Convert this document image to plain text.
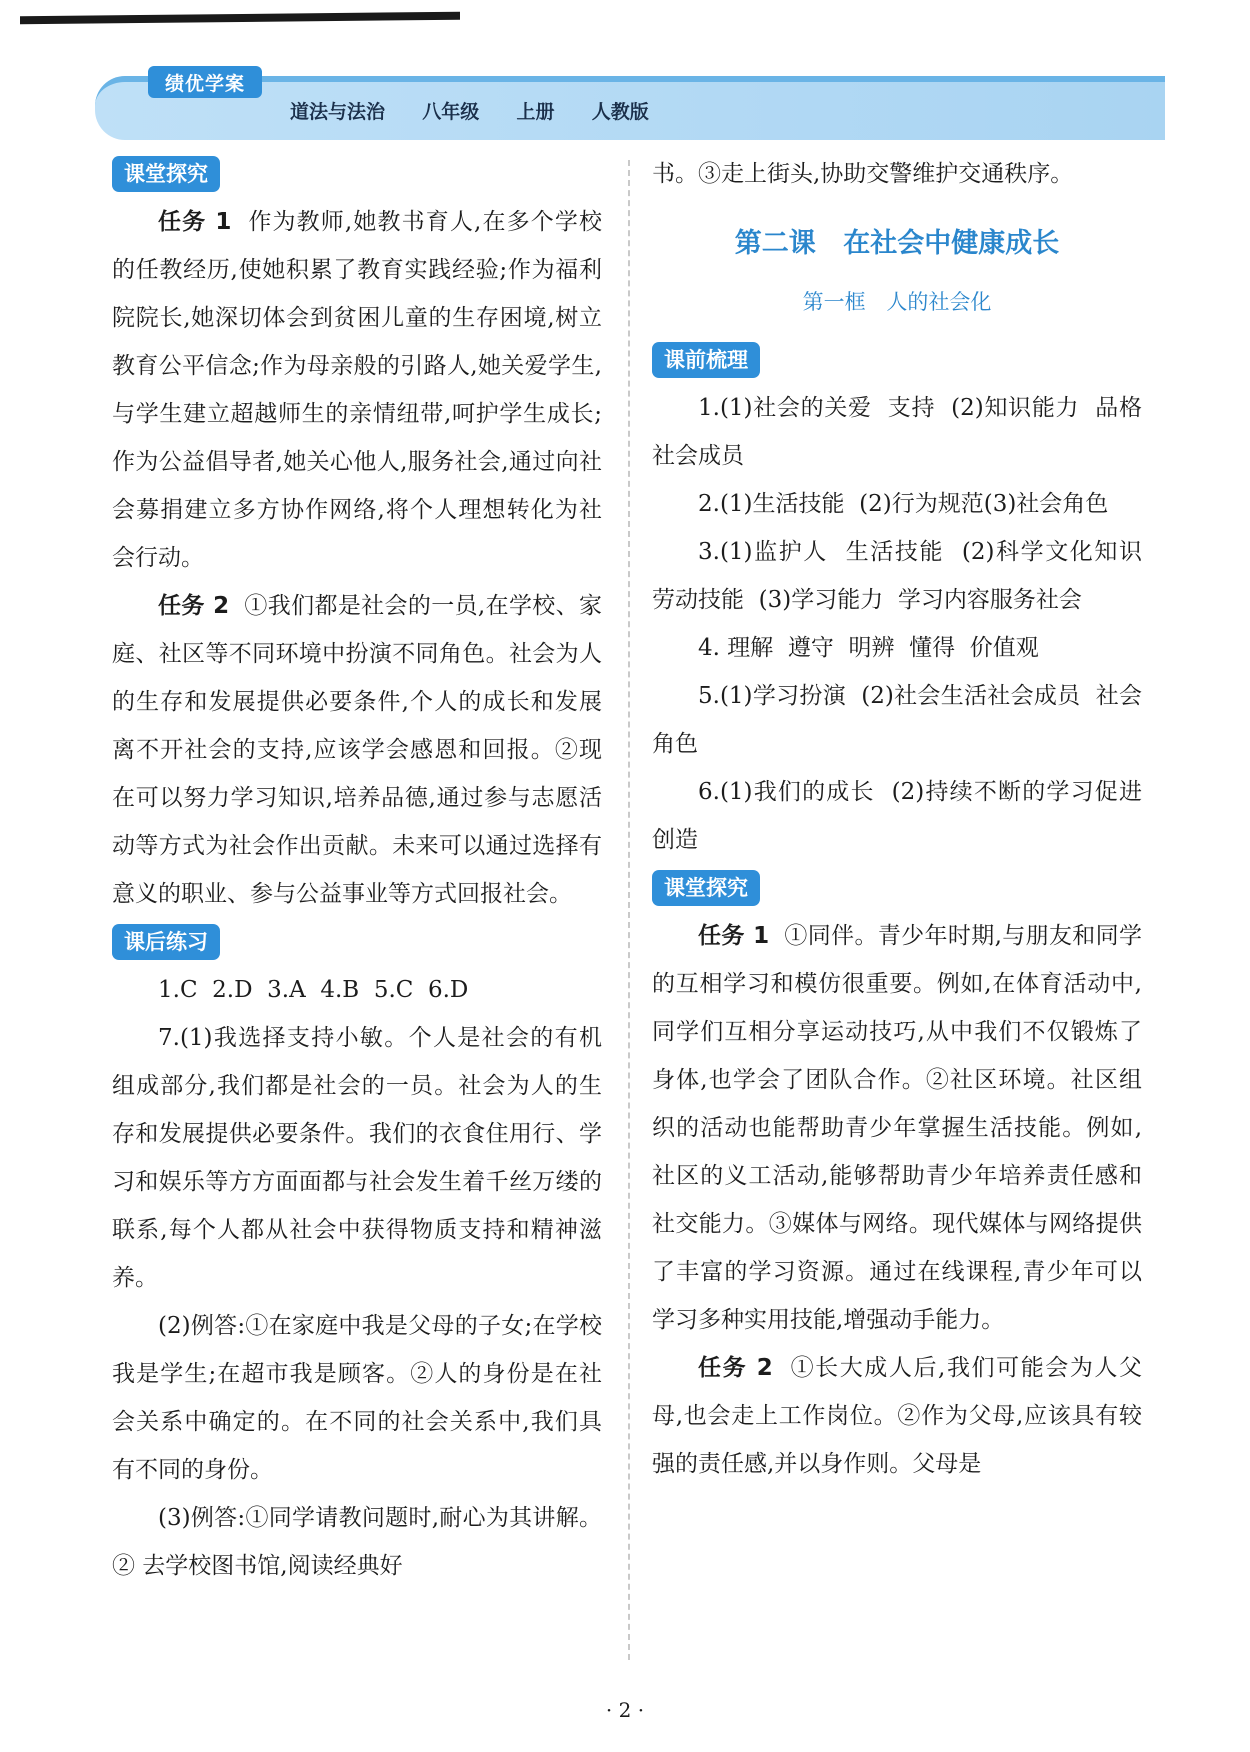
绩优学案
道法与法治  八年级  上册  人教版
课堂探究

任务 1 作为教师,她教书育人,在多个学校的任教经历,使她积累了教育实践经验;作为福利院院长,她深切体会到贫困儿童的生存困境,树立教育公平信念;作为母亲般的引路人,她关爱学生,与学生建立超越师生的亲情纽带,呵护学生成长;作为公益倡导者,她关心他人,服务社会,通过向社会募捐建立多方协作网络,将个人理想转化为社会行动。

任务 2 ①我们都是社会的一员,在学校、家庭、社区等不同环境中扮演不同角色。社会为人的生存和发展提供必要条件,个人的成长和发展离不开社会的支持,应该学会感恩和回报。②现在可以努力学习知识,培养品德,通过参与志愿活动等方式为社会作出贡献。未来可以通过选择有意义的职业、参与公益事业等方式回报社会。

课后练习

1.C  2.D  3.A  4.B  5.C  6.D

7.(1)我选择支持小敏。个人是社会的有机组成部分,我们都是社会的一员。社会为人的生存和发展提供必要条件。我们的衣食住用行、学习和娱乐等方方面面都与社会发生着千丝万缕的联系,每个人都从社会中获得物质支持和精神滋养。

(2)例答:①在家庭中我是父母的子女;在学校我是学生;在超市我是顾客。②人的身份是在社会关系中确定的。在不同的社会关系中,我们具有不同的身份。

(3)例答:①同学请教问题时,耐心为其讲解。② 去学校图书馆,阅读经典好

书。③走上街头,协助交警维护交通秩序。

第二课 在社会中健康成长
第一框 人的社会化
课前梳理

1.(1)社会的关爱  支持  (2)知识能力  品格  社会成员

2.(1)生活技能  (2)行为规范(3)社会角色

3.(1)监护人  生活技能  (2)科学文化知识  劳动技能  (3)学习能力  学习内容服务社会

4. 理解  遵守  明辨  懂得  价值观

5.(1)学习扮演  (2)社会生活社会成员  社会角色

6.(1)我们的成长  (2)持续不断的学习促进  创造

课堂探究

任务 1 ①同伴。青少年时期,与朋友和同学的互相学习和模仿很重要。例如,在体育活动中,同学们互相分享运动技巧,从中我们不仅锻炼了身体,也学会了团队合作。②社区环境。社区组织的活动也能帮助青少年掌握生活技能。例如,社区的义工活动,能够帮助青少年培养责任感和社交能力。③媒体与网络。现代媒体与网络提供了丰富的学习资源。通过在线课程,青少年可以学习多种实用技能,增强动手能力。

任务 2 ①长大成人后,我们可能会为人父母,也会走上工作岗位。②作为父母,应该具有较强的责任感,并以身作则。父母是

· 2 ·
